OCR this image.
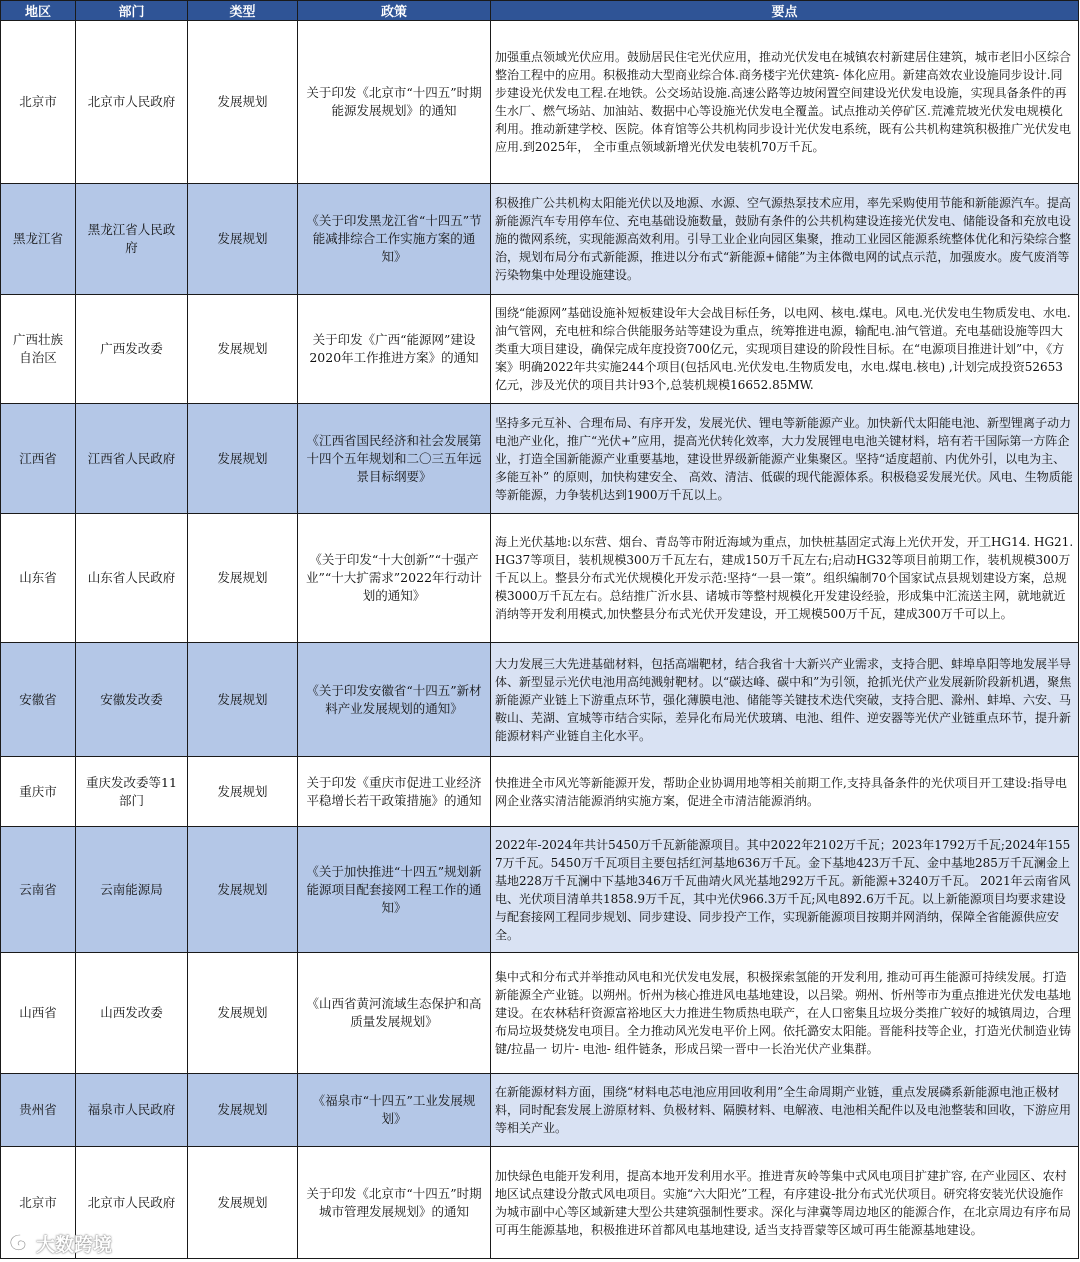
地区	部门	类型	政策	要点
北京市	北京市人民政府	发展规划	关于印发《北京市“十四五”时期能源发展规划》的通知	加强重点领域光伏应用。鼓励居民住宅光伏应用，推动光伏发电在城镇农村新建居住建筑，城市老旧小区综合整治工程中的应用。积极推动大型商业综合体.商务楼宇光伏建筑- 体化应用。新建高效农业设施同步设计.同步建设光伏发电工程.在地铁。公交场站设施.高速公路等边坡闲置空间建设光伏发电设施，实现具备条件的再生水厂、燃气场站、加油站、数据中心等设施光伏发电全覆盖。试点推动关停矿区.荒滩荒坡光伏发电规模化利用。推动新建学校、医院。体育馆等公共机构同步设计光伏发电系统，既有公共机构建筑积极推广光伏发电应用.到2025年， 全市重点领域新增光伏发电装机70万千瓦。
黑龙江省	黑龙江省人民政府	发展规划	《关于印发黑龙江省“十四五”节能减排综合工作实施方案的通知》	积极推广公共机构太阳能光伏以及地源、水源、空气源热泵技术应用，率先采购使用节能和新能源汽车。提高新能源汽车专用停车位、充电基础设施数量，鼓励有条件的公共机构建设连接光伏发电、储能设备和充放电设施的微网系统，实现能源高效利用。引导工业企业向园区集聚，推动工业园区能源系统整体优化和污染综合整治，规划布局分布式新能源，推进以分布式“新能源+储能”为主体微电网的试点示范，加强废水。废气废消等污染物集中处理设施建设。
广西壮族自治区	广西发改委	发展规划	关于印发《广西“能源网”建设2020年工作推进方案》的通知	围绕“能源网”基础设施补短板建设年大会战目标任务，以电网、核电.煤电。风电.光伏发电生物质发电、水电.油气管网，充电桩和综合供能服务站等建设为重点，统筹推进电源，输配电.油气管道。充电基础设施等四大类重大项目建设，确保完成年度投资700亿元，实现项目建设的阶段性目标。在“电源项目推进计划”中，《方案》明确2022年共实施244个项目(包括风电.光伏发电.生物质发电，水电.煤电.核电) ,计划完成投资52653亿元，涉及光伏的项目共计93个,总装机规模16652.85MW.
江西省	江西省人民政府	发展规划	《江西省国民经济和社会发展第十四个五年规划和二〇三五年远景目标纲要》	坚持多元互补、合理布局、有序开发，发展光伏、锂电等新能源产业。加快新代太阳能电池、新型锂离子动力电池产业化，推广“光伏+”应用，提高光伏转化效率，大力发展锂电电池关键材料，培有若干国际第一方阵企业，打造全国新能源产业重要基地，建设世界级新能源产业集聚区。坚持“适度超前、内优外引，以电为主、多能互补” 的原则，加快构建安全、 高效、清洁、低碳的现代能源体系。积极稳妥发展光伏。风电、生物质能等新能源，力争装机达到1900万千瓦以上。
山东省	山东省人民政府	发展规划	《关于印发“十大创新”“十强产业”“十大扩需求”2022年行动计划的通知》	海上光伏基地:以东营、烟台、青岛等市附近海域为重点，加快桩基固定式海上光伏开发，开工HG14. HG21. HG37等项目，装机规模300万千瓦左右，建成150万千瓦左右;启动HG32等项目前期工作，装机规模300万千瓦以上。整县分布式光伏规模化开发示范:坚持“一县一策”。组织编制70个国家试点县规划建设方案，总规模3000万千瓦左右。总结推广沂水县、诸城市等整村规模化开发建设经验，形成集中汇流送主网，就地就近消纳等开发利用模式,加快整县分布式光伏开发建设，开工规模500万千瓦，建成300万千可以上。
安徽省	安徽发改委	发展规划	《关于印发安徽省“十四五”新材料产业发展规划的通知》	大力发展三大先进基础材料，包括高端靶材，结合我省十大新兴产业需求，支持合肥、蚌埠阜阳等地发展半导体、新型显示光伏电池用高纯溅射靶材。以“碳达峰、碳中和”为引领，抢抓光伏产业发展新阶段新机遇，聚焦新能源产业链上下游重点环节，强化薄膜电池、储能等关键技术迭代突破，支持合肥、滁州、蚌埠、六安、马鞍山、芜湖、宣城等市结合实际，差异化布局光伏玻璃、电池、组件、逆安器等光伏产业链重点环节，提升新能源材料产业链自主化水平。
重庆市	重庆发改委等11部门	发展规划	关于印发《重庆市促进工业经济平稳增长若干政策措施》的通知	快推进全市风光等新能源开发，帮助企业协调用地等相关前期工作,支持具备条件的光伏项目开工建设:指导电网企业落实清洁能源消纳实施方案，促进全市清洁能源消纳。
云南省	云南能源局	发展规划	《关于加快推进“十四五”规划新能源项目配套接网工程工作的通知》	2022年-2024年共计5450万千瓦新能源项目。其中2022年2102万千瓦；2023年1792万千瓦;2024年1557万千瓦。5450万千瓦项目主要包括红河基地636万千瓦。金下基地423万千瓦、金中基地285万千瓦澜金上基地228万千瓦澜中下基地346万千瓦曲靖火风光基地292万千瓦。新能源+3240万千瓦。 2021年云南省风电、光伏项目清单共1858.9万千瓦，其中光伏966.3万千瓦;风电892.6万千瓦。以上新能源项目均要求建设与配套接网工程同步规划、同步建设、同步投产工作，实现新能源项目按期并网消纳，保障全省能源供应安全。
山西省	山西发改委	发展规划	《山西省黄河流域生态保护和高质量发展规划》	集中式和分布式并举推动风电和光伏发电发展，积极探索氢能的开发利用, 推动可再生能源可持续发展。打造新能源全产业链。以朔州。忻州为核心推进风电基地建设，以吕梁。朔州、忻州等市为重点推进光伏发电基地建设。在农林秸秆资源富裕地区大力推进生物质热电联产，在人口密集且垃圾分类推广较好的城镇周边，合理布局垃圾焚烧发电项目。全力推动风光发电平价上网。依托潞安太阳能。晋能科技等企业，打造光伏制造业铸键/拉晶一 切片- 电池- 组件链条，形成吕梁一晋中一长治光伏产业集群。
贵州省	福泉市人民政府	发展规划	《福泉市“十四五”工业发展规划》	在新能源材料方面，围绕“材料电芯电池应用回收利用”全生命周期产业链，重点发展磷系新能源电池正极材料，同时配套发展上游原材料、负极材料、隔膜材料、电解液、电池相关配件以及电池整装和回收，下游应用等相关产业。
北京市	北京市人民政府	发展规划	关于印发《北京市“十四五”时期城市管理发展规划》的通知	加快绿色电能开发利用，提高本地开发利用水平。推进青灰岭等集中式风电项目扩建扩容, 在产业园区、农村地区试点建设分散式风电项目。实施“六大阳光”工程，有序建设-批分布式光伏项目。研究将安装光伏设施作为城市副中心等区域新建大型公共建筑强制性要求。深化与津冀等周边地区的能源合作，在北京周边有序布局可再生能源基地，积极推进环首都风电基地建设, 适当支持晋蒙等区域可再生能源基地建设。
大数跨境
